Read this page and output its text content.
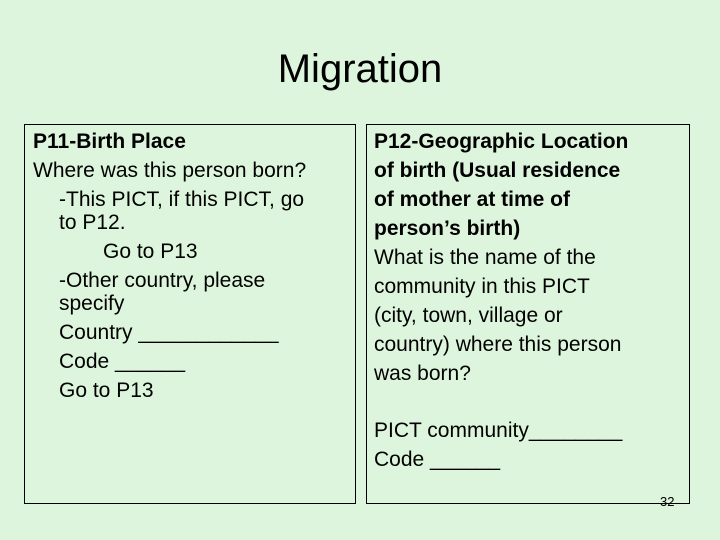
Migration
P11-Birth Place
Where was this person born?
-This PICT, if this PICT, go
to P12.
Go to P13
-Other country, please
specify
Country ____________
Code ______
Go to P13
P12-Geographic Location
of birth (Usual residence
of mother at time of
person’s birth)
What is the name of the
community in this PICT
(city, town, village or
country) where this person
was born?
PICT community________
Code ______
32
